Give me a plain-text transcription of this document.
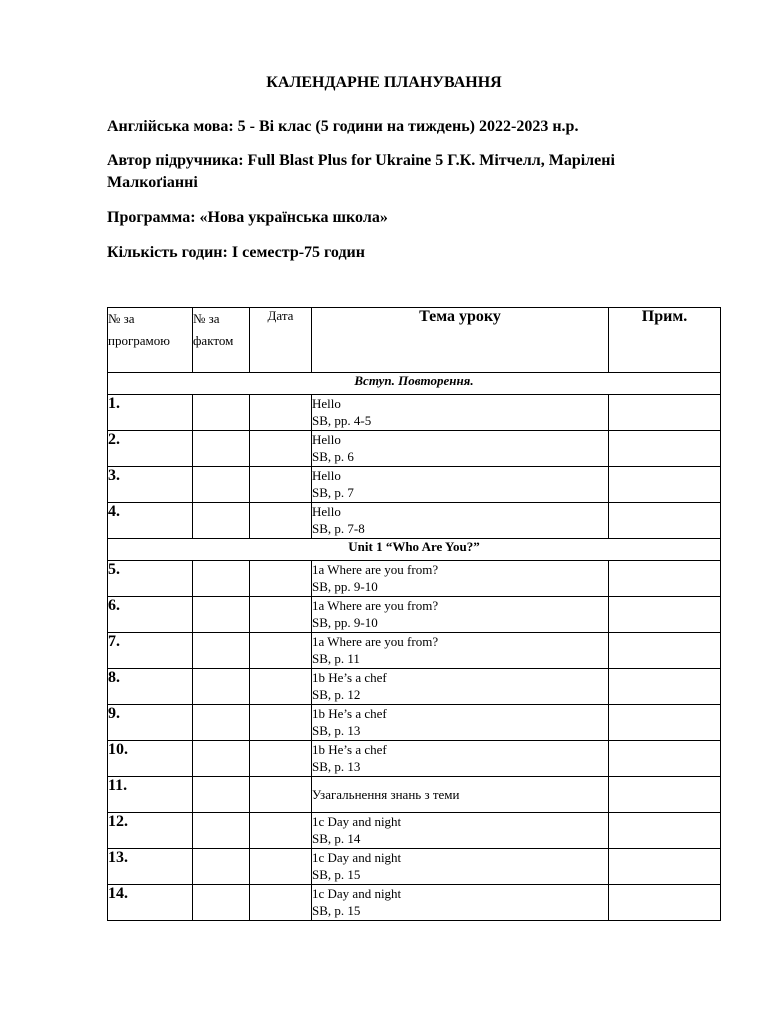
КАЛЕНДАРНЕ ПЛАНУВАННЯ

Англійська мова: 5 - Ві клас (5 години на тиждень) 2022-2023 н.р.

Автор підручника: Full Blast Plus for Ukraine 5 Г.К. Мітчелл, Марілені Малкоґіанні

Программа: «Нова українська школа»

Кількість годин: I семестр-75 годин

№ за програмою	№ за фактом	Дата	Тема уроку	Прим.
Вступ. Повторення.				
1.			Hello
SB, pp. 4-5	

2.			Hello
SB, p. 6	

3.			Hello
SB, p. 7	

4.			Hello
SB, p. 7-8	

Unit 1 “Who Are You?”				
5.			1a Where are you from?
SB, pp. 9-10	

6.			1a Where are you from?
SB, pp. 9-10	

7.			1a Where are you from?
SB, p. 11	

8.			1b He’s a chef
SB, p. 12	

9.			1b He’s a chef
SB, p. 13	

10.			1b He’s a chef
SB, p. 13	

11.			Узагальнення знань з теми	

12.			1c Day and night
SB, p. 14	

13.			1c Day and night
SB, p. 15	

14.			1c Day and night
SB, p. 15	
